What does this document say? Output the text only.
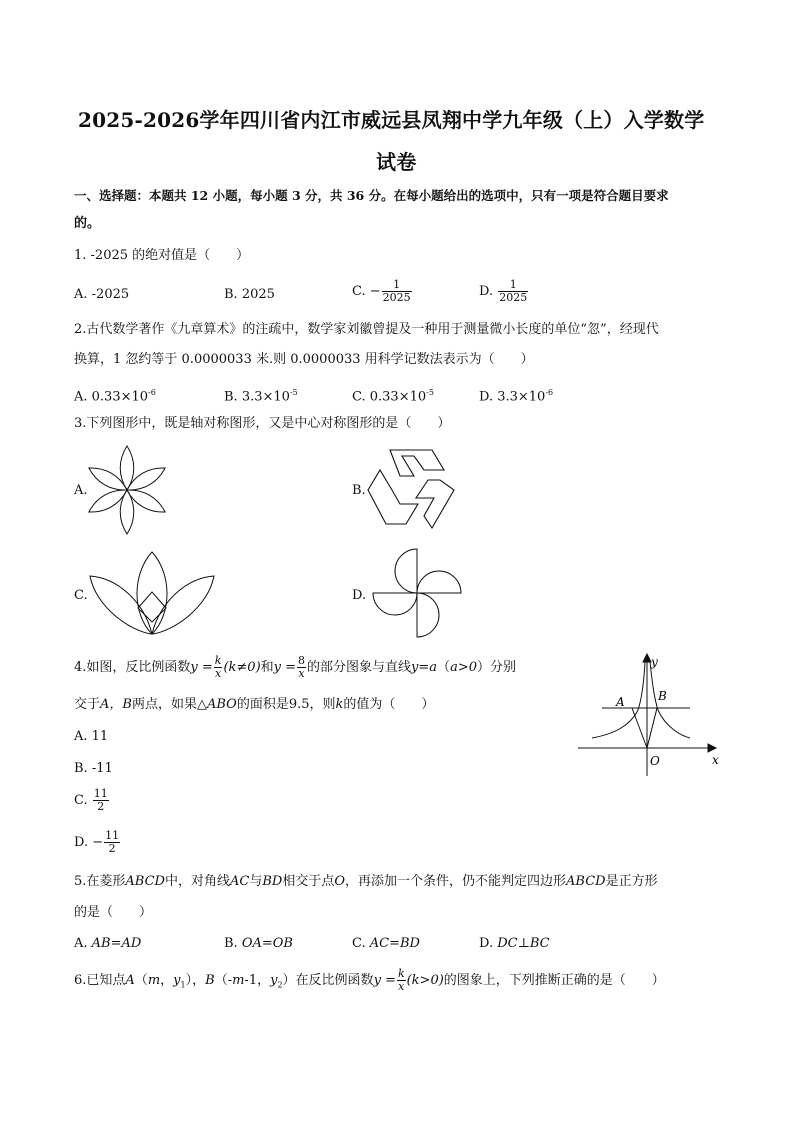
2025-2026学年四川省内江市威远县凤翔中学九年级（上）入学数学
试卷
一、选择题：本题共 12 小题，每小题 3 分，共 36 分。在每小题给出的选项中，只有一项是符合题目要求
的。
1. -2025 的绝对值是（　　）
A. -2025	B. 2025	C. − $\frac{1}{2025}$	D. $\frac{1}{2025}$
2.古代数学著作《九章算术》的注疏中，数学家刘徽曾提及一种用于测量微小长度的单位“忽”，经现代
换算，1 忽约等于 0.0000033 米.则 0.0000033 用科学记数法表示为（　　）
A. $0.33\times 10^{-6}$	B. $3.3\times 10^{-5}$	C. $0.33\times 10^{-5}$	D. $3.3\times 10^{-6}$
3.下列图形中，既是轴对称图形，又是中心对称图形的是（　　）
A.	B.
C.	D.
4.如图，反比例函数$y = \frac{k}{x} (k\ne 0)$和$y = \frac{8}{x}$ 的部分图象与直线y=a（a>0）分别
交于A，B两点，如果△ABO的面积是9.5，则k的值为（　　）
A. 11
B. -11
C. $\frac{11}{2}$
D. − $\frac{11}{2}$
y
x
O
A	B
5.在菱形ABCD中，对角线AC与BD相交于点O，再添加一个条件，仍不能判定四边形ABCD是正方形
的是（　　）
A. AB=AD	B. OA=OB	C. AC=BD	D. DC⊥BC
6.已知点A（m，$y_1$），B（-m-1，$y_2$）在反比例函数$y = \frac{k}{x} (k>0)$的图象上，下列推断正确的是（　　）
